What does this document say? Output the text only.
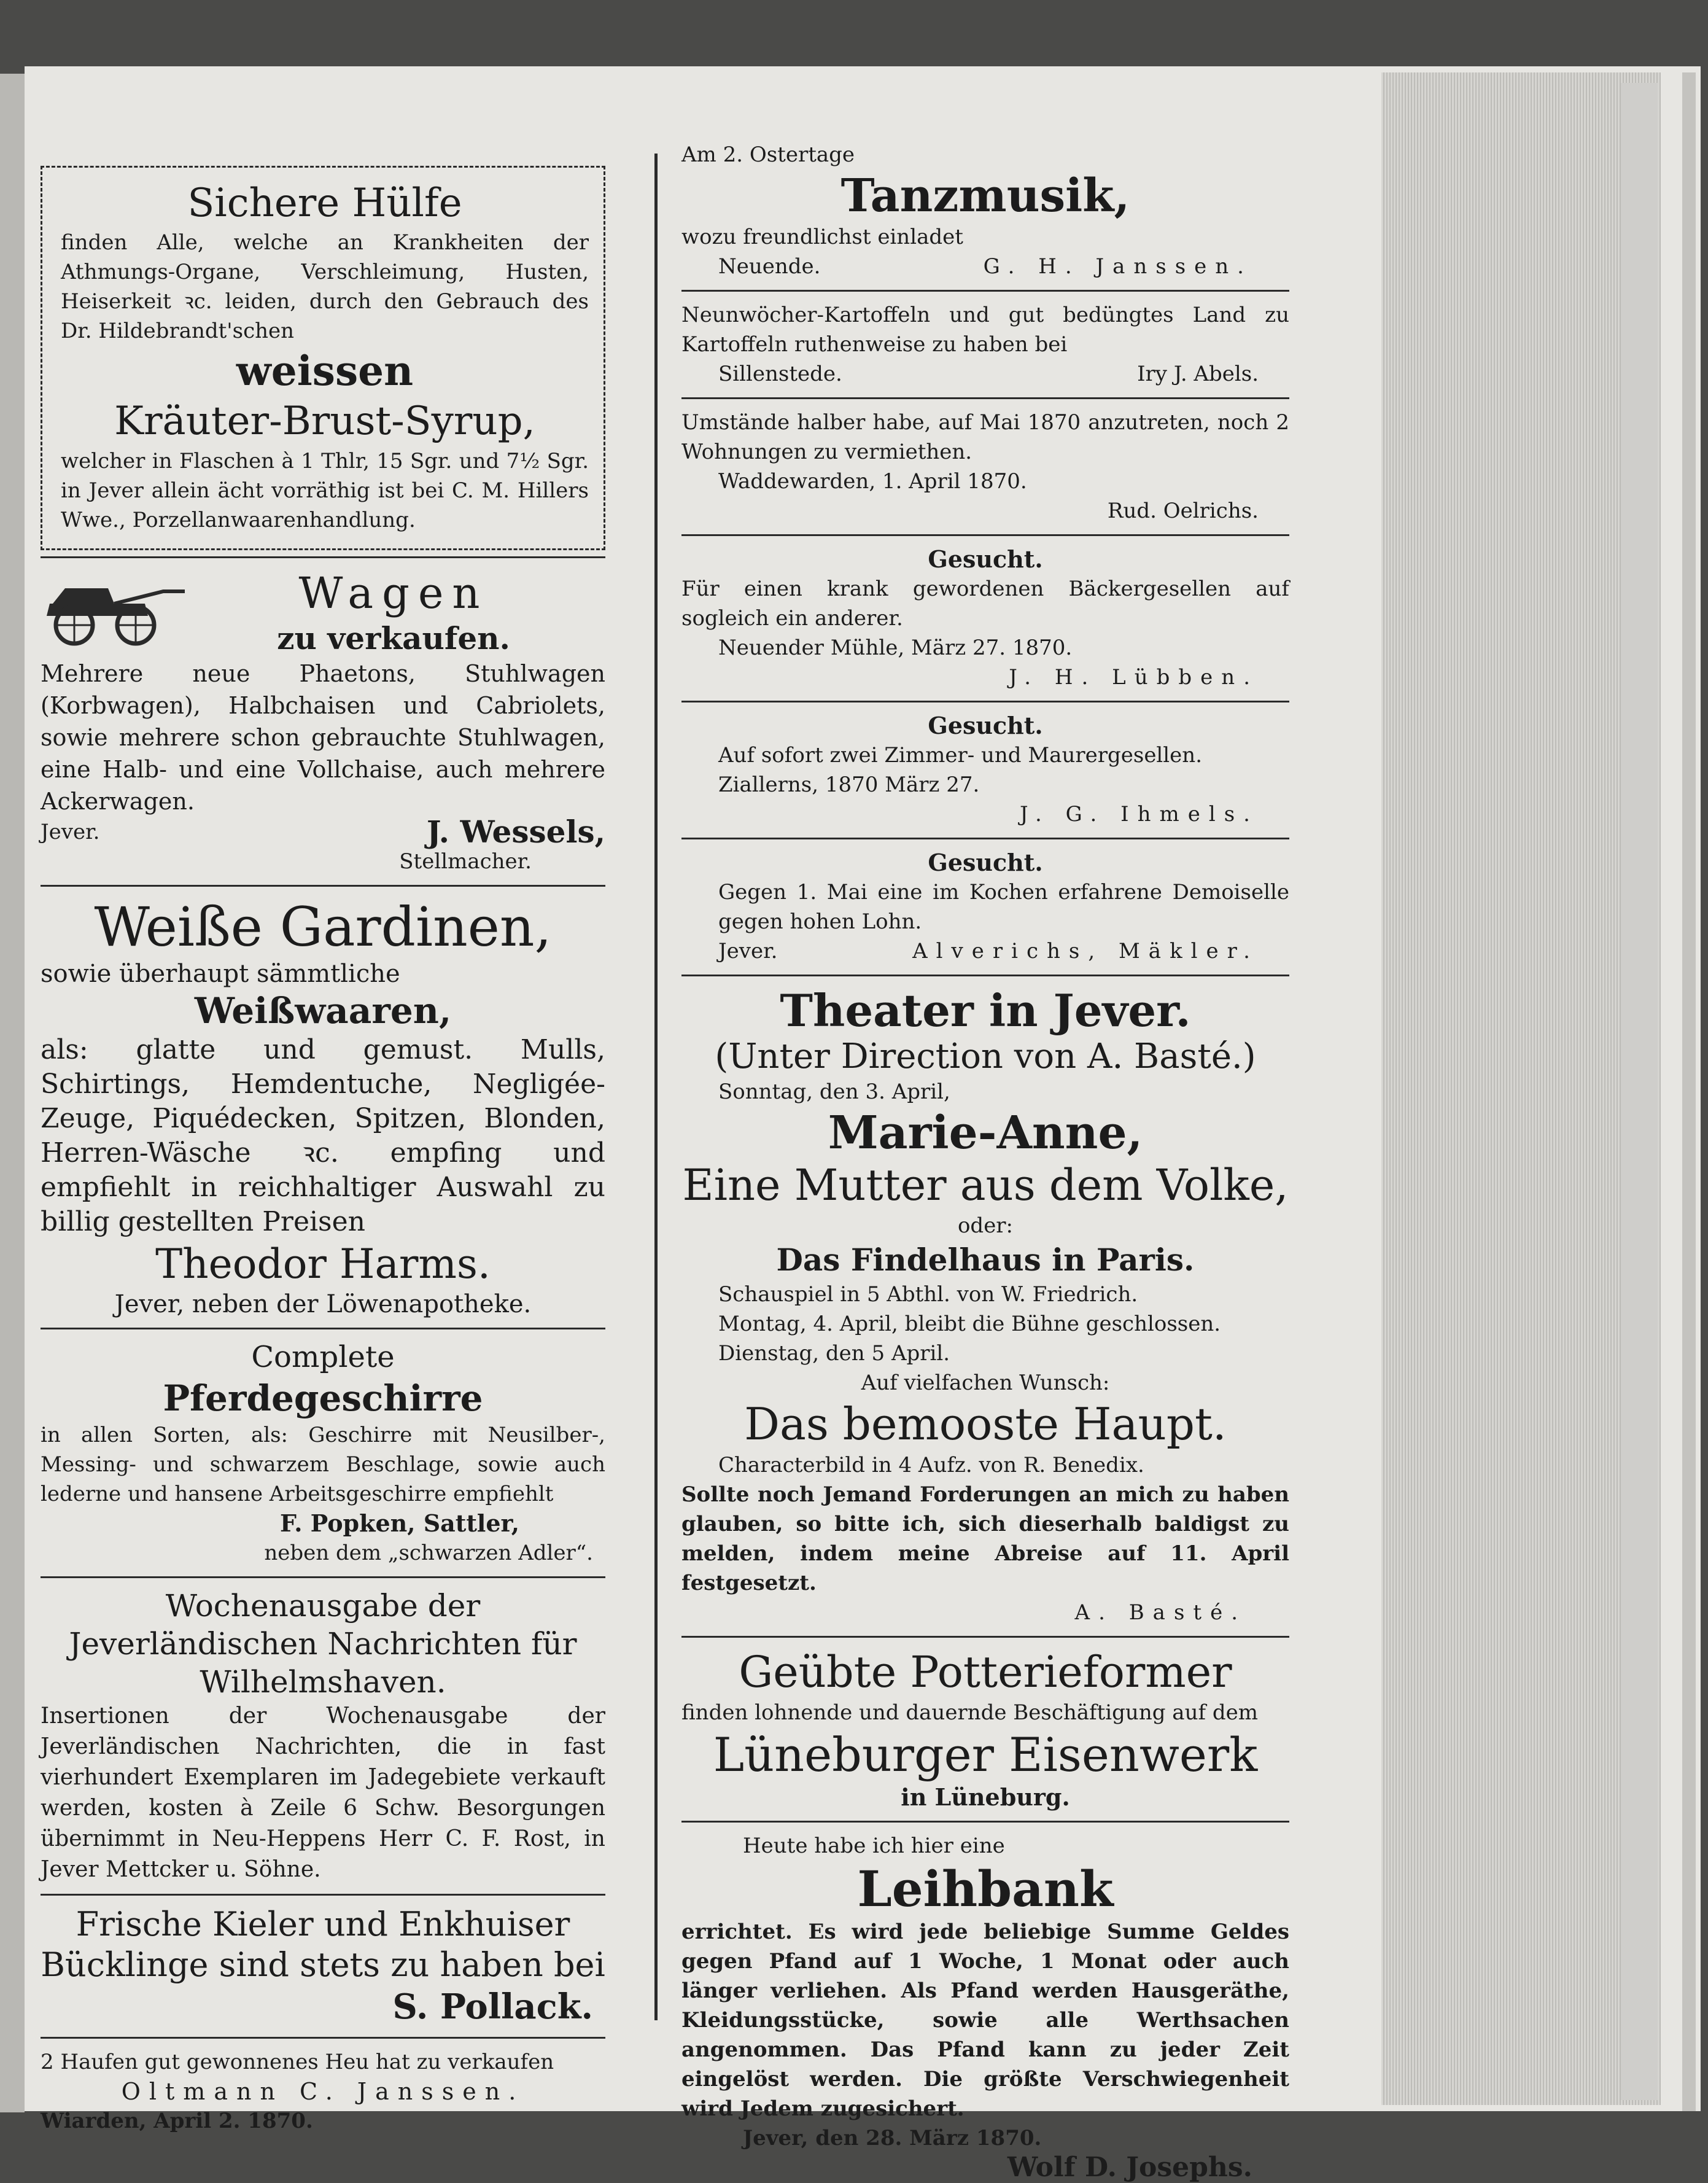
Sichere Hülfe

finden Alle, welche an Krankheiten der Athmungs-Organe, Verschleimung, Husten, Heiserkeit ꝛc. leiden, durch den Gebrauch des Dr. Hildebrandt'schen

weissen

Kräuter-Brust-Syrup,

welcher in Flaschen à 1 Thlr, 15 Sgr. und 7½ Sgr. in Jever allein ächt vorräthig ist bei C. M. Hillers Wwe., Porzellanwaarenhandlung.

Wagen

zu verkaufen.

Mehrere neue Phaetons, Stuhlwagen (Korbwagen), Halbchaisen und Cabriolets, sowie mehrere schon gebrauchte Stuhlwagen, eine Halb- und eine Vollchaise, auch mehrere Ackerwagen.

Jever.	J. Wessels,

Stellmacher.

Weiße Gardinen,

sowie überhaupt sämmtliche

Weißwaaren,

als: glatte und gemust. Mulls, Schirtings, Hemdentuche, Negligée-Zeuge, Piquédecken, Spitzen, Blonden, Herren-Wäsche ꝛc. empfing und empfiehlt in reichhaltiger Auswahl zu billig gestellten Preisen

Theodor Harms.

Jever, neben der Löwenapotheke.

Complete

Pferdegeschirre

in allen Sorten, als: Geschirre mit Neusilber-, Messing- und schwarzem Beschlage, sowie auch lederne und hansene Arbeitsgeschirre empfiehlt

F. Popken, Sattler,

neben dem „schwarzen Adler“.

Wochenausgabe der Jeverländischen Nachrichten für Wilhelmshaven.

Insertionen der Wochenausgabe der Jeverländischen Nachrichten, die in fast vierhundert Exemplaren im Jadegebiete verkauft werden, kosten à Zeile 6 Schw. Besorgungen übernimmt in Neu-Heppens Herr C. F. Rost, in Jever Mettcker u. Söhne.

Frische Kieler und Enkhuiser Bücklinge sind stets zu haben bei

S. Pollack.

2 Haufen gut gewonnenes Heu hat zu verkaufen

Oltmann C. Janssen.

Wiarden, April 2. 1870.

Am 2. Ostertage

Tanzmusik,

wozu freundlichst einladet

Neuende.	G. H. Janssen.

Neunwöcher-Kartoffeln und gut bedüngtes Land zu Kartoffeln ruthenweise zu haben bei

Sillenstede.	Iry J. Abels.

Umstände halber habe, auf Mai 1870 anzutreten, noch 2 Wohnungen zu vermiethen.

Waddewarden, 1. April 1870.

Rud. Oelrichs.

Gesucht.

Für einen krank gewordenen Bäckergesellen auf sogleich ein anderer.

Neuender Mühle, März 27. 1870.

J. H. Lübben.

Gesucht.

Auf sofort zwei Zimmer- und Maurergesellen.

Ziallerns, 1870 März 27.

J. G. Ihmels.

Gesucht.

Gegen 1. Mai eine im Kochen erfahrene Demoiselle gegen hohen Lohn.

Jever.	Alverichs, Mäkler.

Theater in Jever.

(Unter Direction von A. Basté.)

Sonntag, den 3. April,

Marie-Anne,

Eine Mutter aus dem Volke,

oder:

Das Findelhaus in Paris.

Schauspiel in 5 Abthl. von W. Friedrich.

Montag, 4. April, bleibt die Bühne geschlossen.

Dienstag, den 5 April.

Auf vielfachen Wunsch:

Das bemooste Haupt.

Characterbild in 4 Aufz. von R. Benedix.

Sollte noch Jemand Forderungen an mich zu haben glauben, so bitte ich, sich dieserhalb baldigst zu melden, indem meine Abreise auf 11. April festgesetzt.

A. Basté.

Geübte Potterieformer

finden lohnende und dauernde Beschäftigung auf dem

Lüneburger Eisenwerk

in Lüneburg.

Heute habe ich hier eine

Leihbank

errichtet. Es wird jede beliebige Summe Geldes gegen Pfand auf 1 Woche, 1 Monat oder auch länger verliehen. Als Pfand werden Hausgeräthe, Kleidungsstücke, sowie alle Werthsachen angenommen. Das Pfand kann zu jeder Zeit eingelöst werden. Die größte Verschwiegenheit wird Jedem zugesichert.

Jever, den 28. März 1870.

Wolf D. Josephs.
